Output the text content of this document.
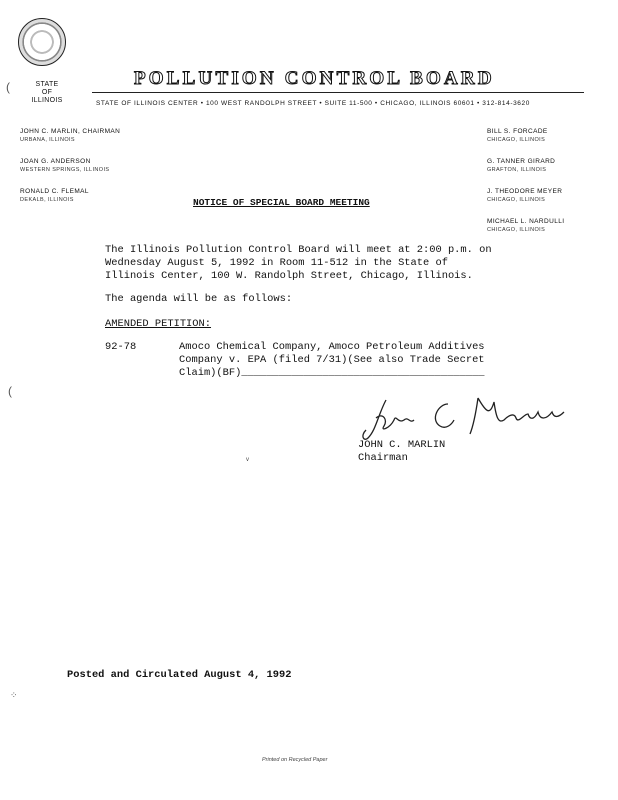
STATE
OF
ILLINOIS
(	POLLUTION CONTROL BOARD
STATE OF ILLINOIS CENTER • 100 WEST RANDOLPH STREET • SUITE 11-500 • CHICAGO, ILLINOIS 60601 • 312-814-3620
JOHN C. MARLIN, CHAIRMAN
URBANA, ILLINOIS
JOAN G. ANDERSON
WESTERN SPRINGS, ILLINOIS
RONALD C. FLEMAL
DEKALB, ILLINOIS
BILL S. FORCADE
CHICAGO, ILLINOIS
G. TANNER GIRARD
GRAFTON, ILLINOIS
J. THEODORE MEYER
CHICAGO, ILLINOIS
MICHAEL L. NARDULLI
CHICAGO, ILLINOIS
NOTICE OF SPECIAL BOARD MEETING
The Illinois Pollution Control Board will meet at 2:00 p.m. on
Wednesday August 5, 1992 in Room 11-512 in the State of
Illinois Center, 100 W. Randolph Street, Chicago, Illinois.
The agenda will be as follows:
AMENDED PETITION:
92-78	Amoco Chemical Company, Amoco Petroleum Additives
Company v. EPA (filed 7/31)(See also Trade Secret
Claim)(BF)_______________________________________
(
v
JOHN C. MARLIN
Chairman
Posted and Circulated August 4, 1992
⁘
Printed on Recycled Paper
